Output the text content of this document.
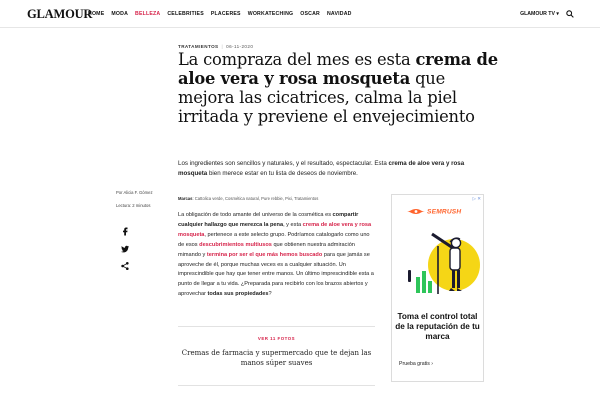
GLAMOUR
HOME MODA BELLEZA CELEBRITIES PLACERES WORKATECHING OSCAR NAVIDAD	GLAMOUR TV ▾
TRATAMIENTOS | 06-11-2020
La compraza del mes es esta crema de aloe vera y rosa mosqueta que mejora las cicatrices, calma la piel irritada y previene el envejecimiento

Los ingredientes son sencillos y naturales, y el resultado, espectacular. Esta crema de aloe vera y rosa mosqueta bien merece estar en tu lista de deseos de noviembre.

Por Alicia F. Gómez
Lectura: 2 minutos
Marcas: Cattolica verde, Cosmética natural, Pure rebbie, Pixi, Tratamientos

La obligación de todo amante del universo de la cosmética es compartir cualquier hallazgo que merezca la pena, y esta crema de aloe vera y rosa mosqueta, pertenece a este selecto grupo. Podríamos catalogarlo como uno de esos descubrimientos multiusos que obtienen nuestra admiración mimando y termina por ser el que más hemos buscado para que jamás se aproveche de él, porque muchas veces es a cualquier situación. Un imprescindible que hay que tener entre manos. Un último imprescindible esta a punto de llegar a tu vida. ¿Preparada para recibirlo con los brazos abiertos y aprovechar todas sus propiedades?

VER 11 FOTOS
Cremas de farmacia y supermercado que te dejan las manos súper suaves
▷ ✕
SEMRUSH
Toma el control total de la reputación de tu marca
Prueba gratis ›
